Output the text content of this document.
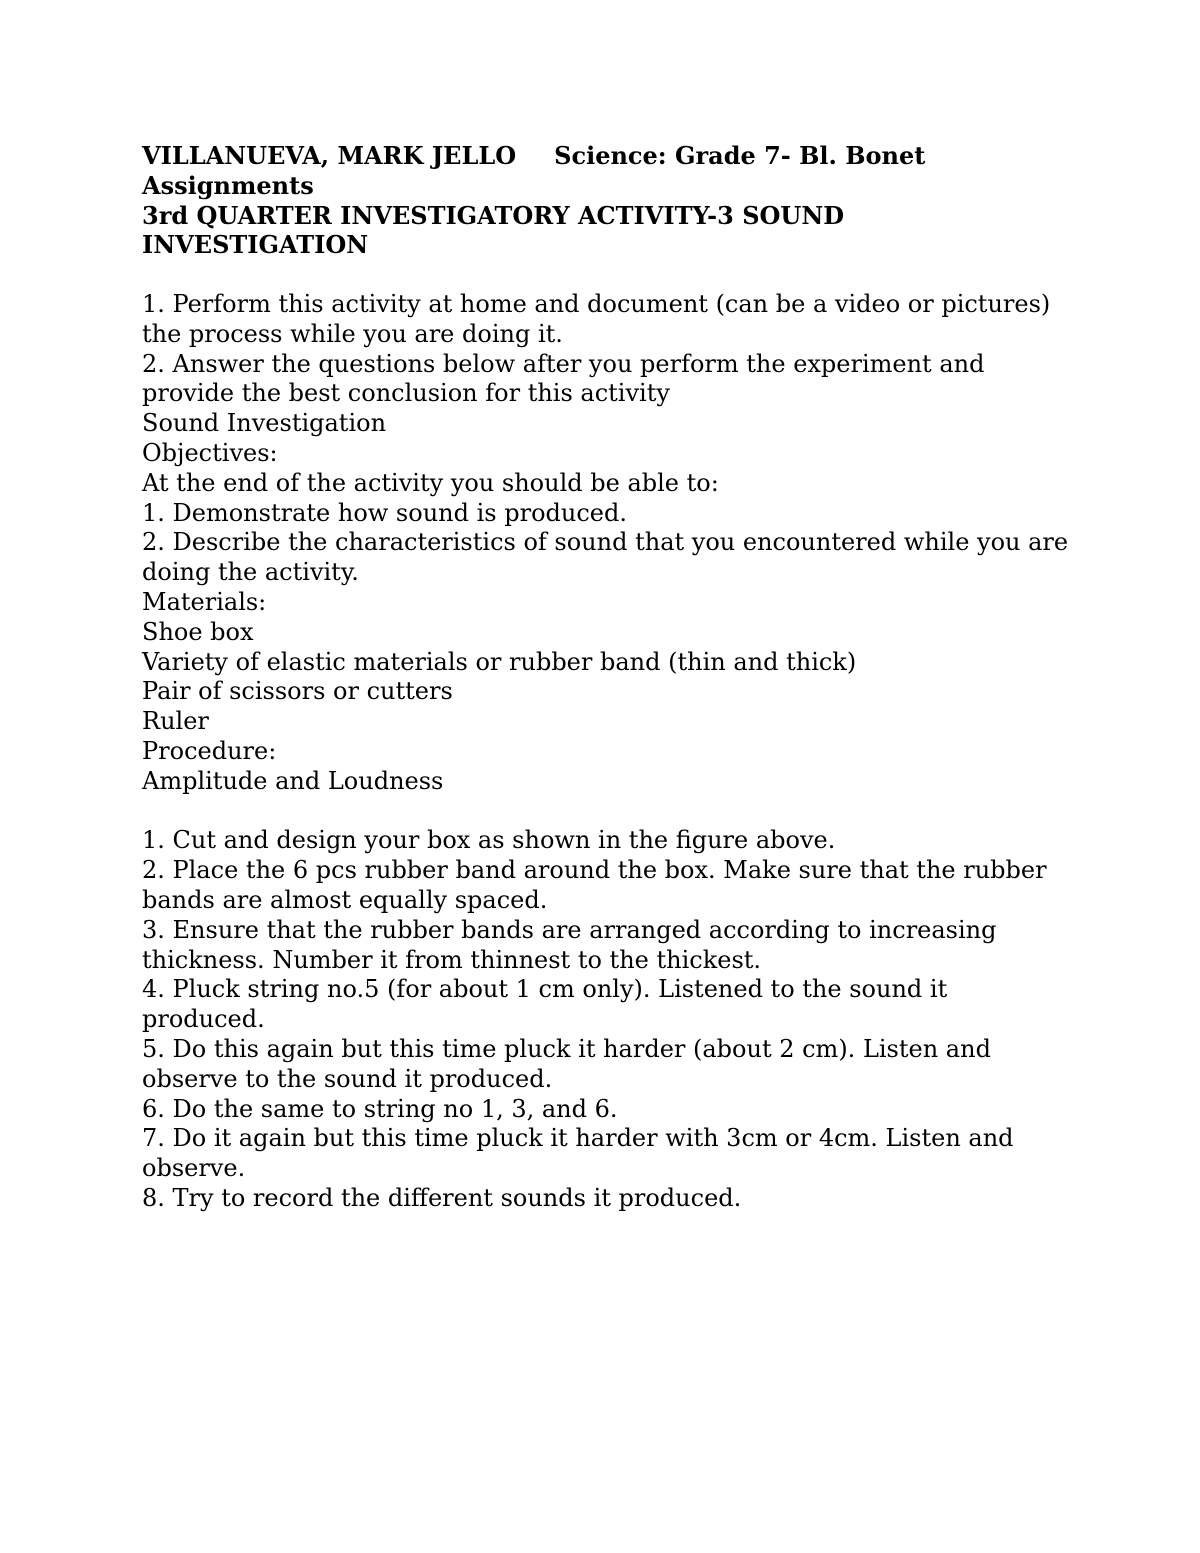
VILLANUEVA, MARK JELLO Science: Grade 7- Bl. Bonet
Assignments
3rd QUARTER INVESTIGATORY ACTIVITY-3 SOUND INVESTIGATION
1. Perform this activity at home and document (can be a video or pictures) the process while you are doing it.
2. Answer the questions below after you perform the experiment and provide the best conclusion for this activity
Sound Investigation
Objectives:
At the end of the activity you should be able to:
1. Demonstrate how sound is produced.
2. Describe the characteristics of sound that you encountered while you are doing the activity.
Materials:
Shoe box
Variety of elastic materials or rubber band (thin and thick)
Pair of scissors or cutters
Ruler
Procedure:
Amplitude and Loudness
1. Cut and design your box as shown in the figure above.
2. Place the 6 pcs rubber band around the box. Make sure that the rubber bands are almost equally spaced.
3. Ensure that the rubber bands are arranged according to increasing thickness. Number it from thinnest to the thickest.
4. Pluck string no.5 (for about 1 cm only). Listened to the sound it produced.
5. Do this again but this time pluck it harder (about 2 cm). Listen and observe to the sound it produced.
6. Do the same to string no 1, 3, and 6.
7. Do it again but this time pluck it harder with 3cm or 4cm. Listen and observe.
8. Try to record the different sounds it produced.
